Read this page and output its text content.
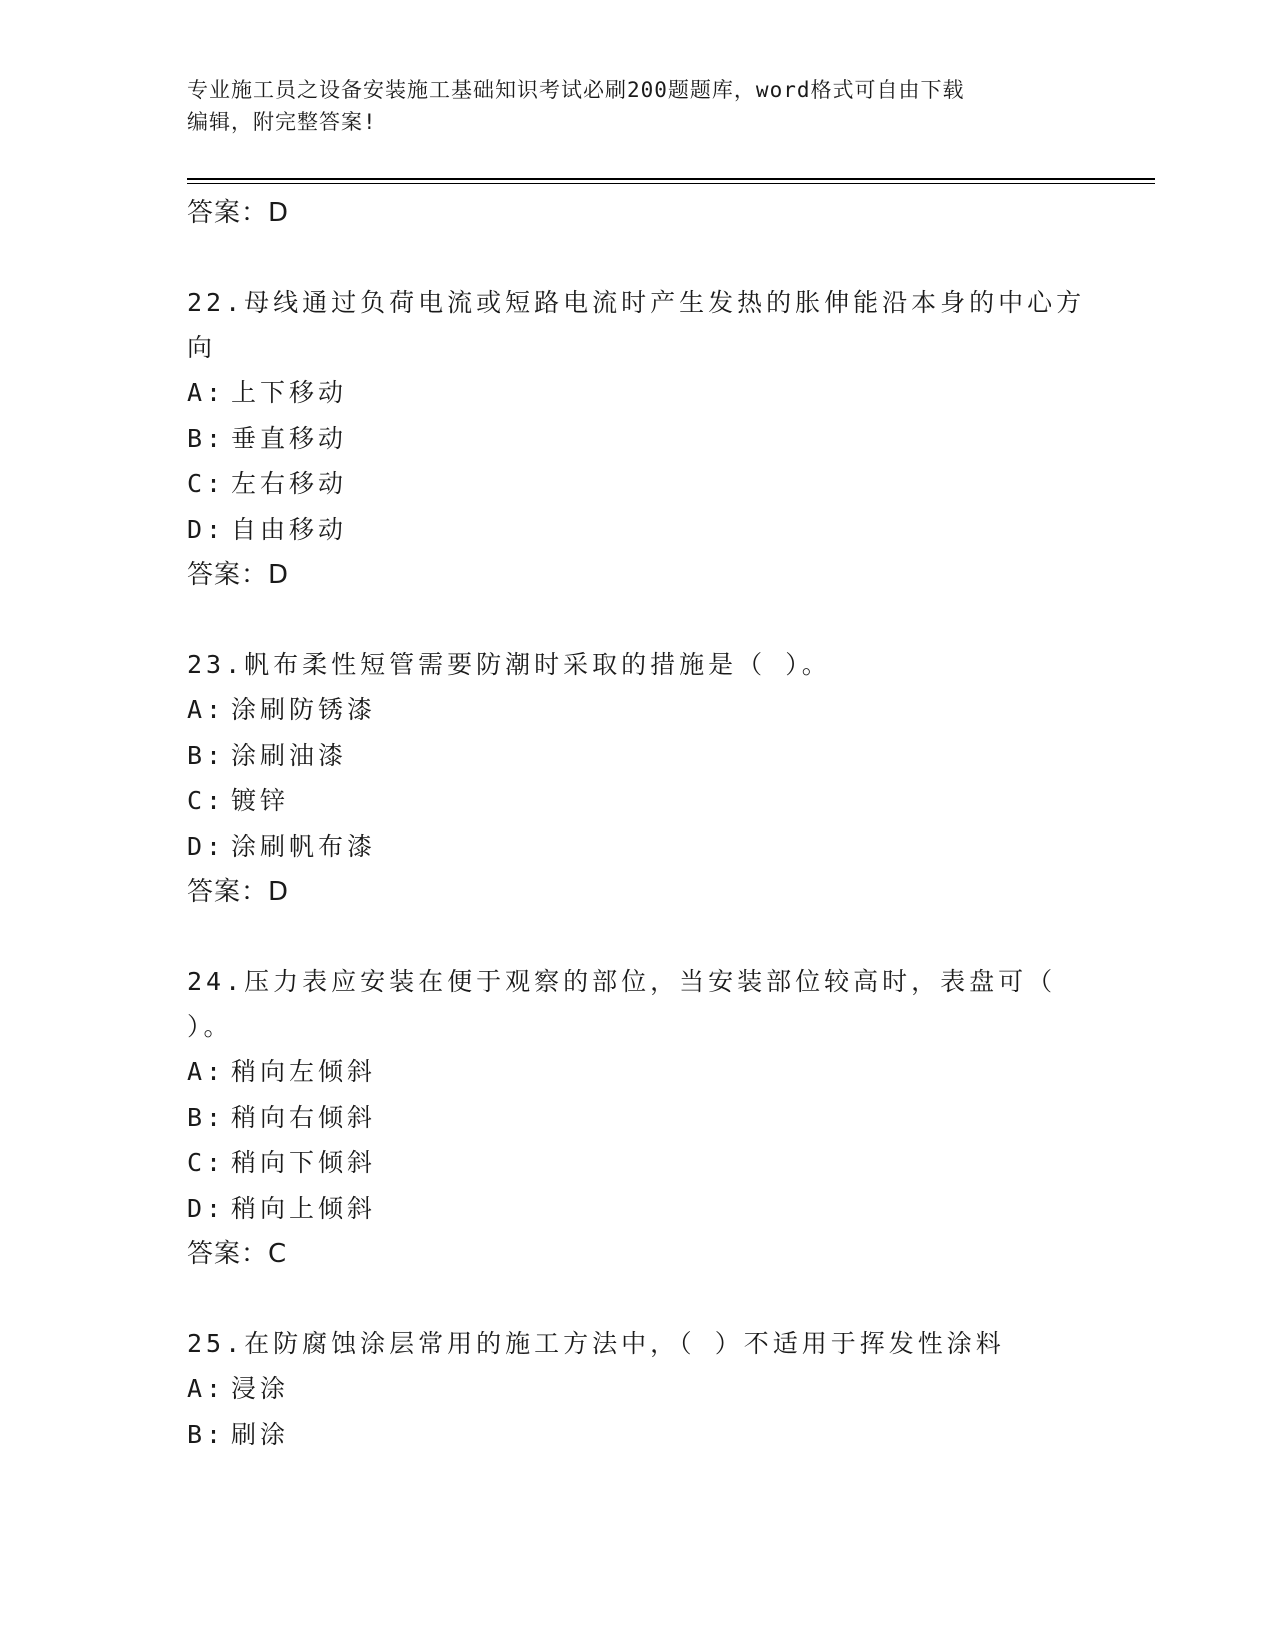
专业施工员之设备安装施工基础知识考试必刷200题题库，word格式可自由下载
编辑，附完整答案!
答案：D
22.母线通过负荷电流或短路电流时产生发热的胀伸能沿本身的中心方
向
A: 上下移动
B: 垂直移动
C: 左右移动
D: 自由移动
答案：D
23.帆布柔性短管需要防潮时采取的措施是（ ）。
A: 涂刷防锈漆
B: 涂刷油漆
C: 镀锌
D: 涂刷帆布漆
答案：D
24.压力表应安装在便于观察的部位，当安装部位较高时，表盘可（
）。
A: 稍向左倾斜
B: 稍向右倾斜
C: 稍向下倾斜
D: 稍向上倾斜
答案：C
25.在防腐蚀涂层常用的施工方法中，（ ）不适用于挥发性涂料
A: 浸涂
B: 刷涂
